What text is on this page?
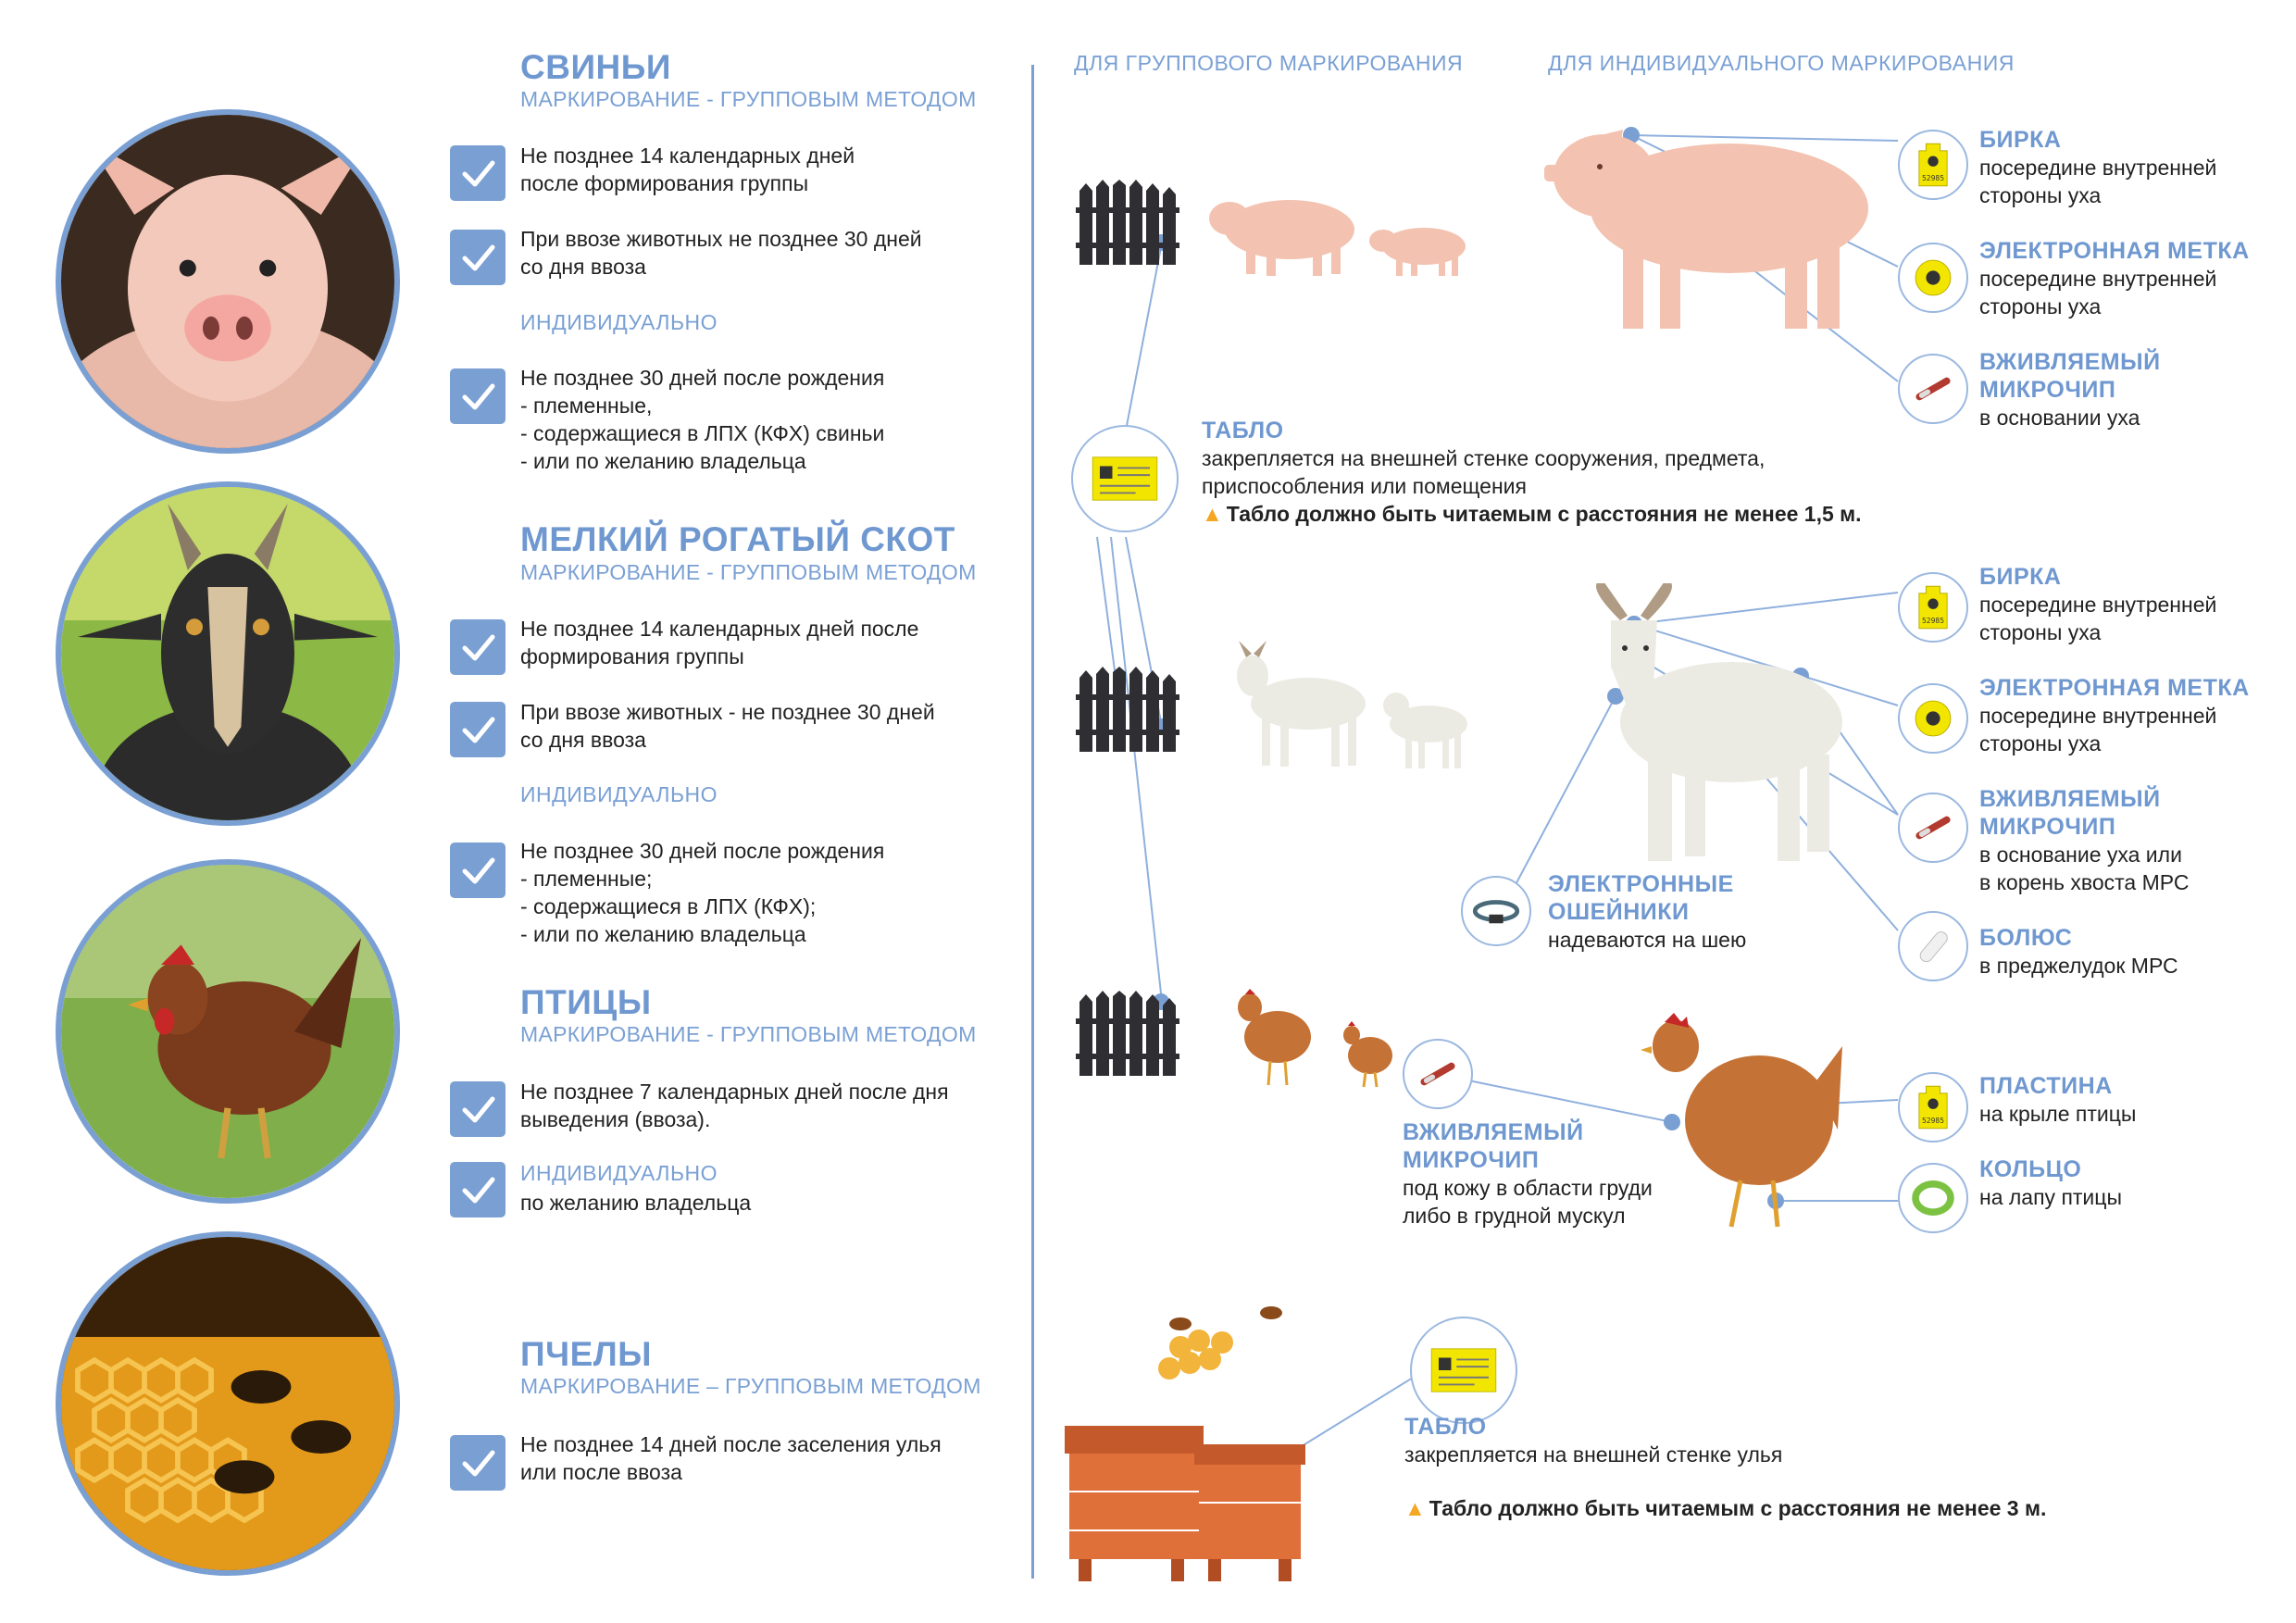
СВИНЬИ
МАРКИРОВАНИЕ - ГРУППОВЫМ МЕТОДОМ
Не позднее 14 календарных дней
после формирования группы
При ввозе животных не позднее 30 дней
со дня ввоза
ИНДИВИДУАЛЬНО
Не позднее 30 дней после рождения
- племенные,
- содержащиеся в ЛПХ (КФХ) свиньи
- или по желанию владельца
МЕЛКИЙ РОГАТЫЙ СКОТ
МАРКИРОВАНИЕ - ГРУППОВЫМ МЕТОДОМ
Не позднее 14 календарных дней после
формирования группы
При ввозе животных - не позднее 30 дней
со дня ввоза
ИНДИВИДУАЛЬНО
Не позднее 30 дней после рождения
- племенные;
- содержащиеся в ЛПХ (КФХ);
- или по желанию владельца
ПТИЦЫ
МАРКИРОВАНИЕ - ГРУППОВЫМ МЕТОДОМ
Не позднее 7 календарных дней после дня
выведения (ввоза).
ИНДИВИДУАЛЬНО
по желанию владельца
ПЧЕЛЫ
МАРКИРОВАНИЕ – ГРУППОВЫМ МЕТОДОМ
Не позднее 14 дней после заселения улья
или после ввоза
ДЛЯ ГРУППОВОГО МАРКИРОВАНИЯ	ДЛЯ ИНДИВИДУАЛЬНОГО МАРКИРОВАНИЯ
52985
52985
52985
БИРКА
посередине внутренней
стороны уха
ЭЛЕКТРОННАЯ МЕТКА
посередине внутренней
стороны уха
ВЖИВЛЯЕМЫЙ
МИКРОЧИП
в основании уха
ТАБЛО
закрепляется на внешней стенке сооружения, предмета,
приспособления или помещения
▲ Табло должно быть читаемым с расстояния не менее 1,5 м.
БИРКА
посередине внутренней
стороны уха
ЭЛЕКТРОННАЯ МЕТКА
посередине внутренней
стороны уха
ВЖИВЛЯЕМЫЙ
МИКРОЧИП
в основание уха или
в корень хвоста МРС
ЭЛЕКТРОННЫЕ
ОШЕЙНИКИ
надеваются на шею	БОЛЮС
в преджелудок МРС
ВЖИВЛЯЕМЫЙ
МИКРОЧИП
под кожу в области груди
либо в грудной мускул
ПЛАСТИНА
на крыле птицы
КОЛЬЦО
на лапу птицы
ТАБЛО
закрепляется на внешней стенке улья
▲ Табло должно быть читаемым с расстояния не менее 3 м.
